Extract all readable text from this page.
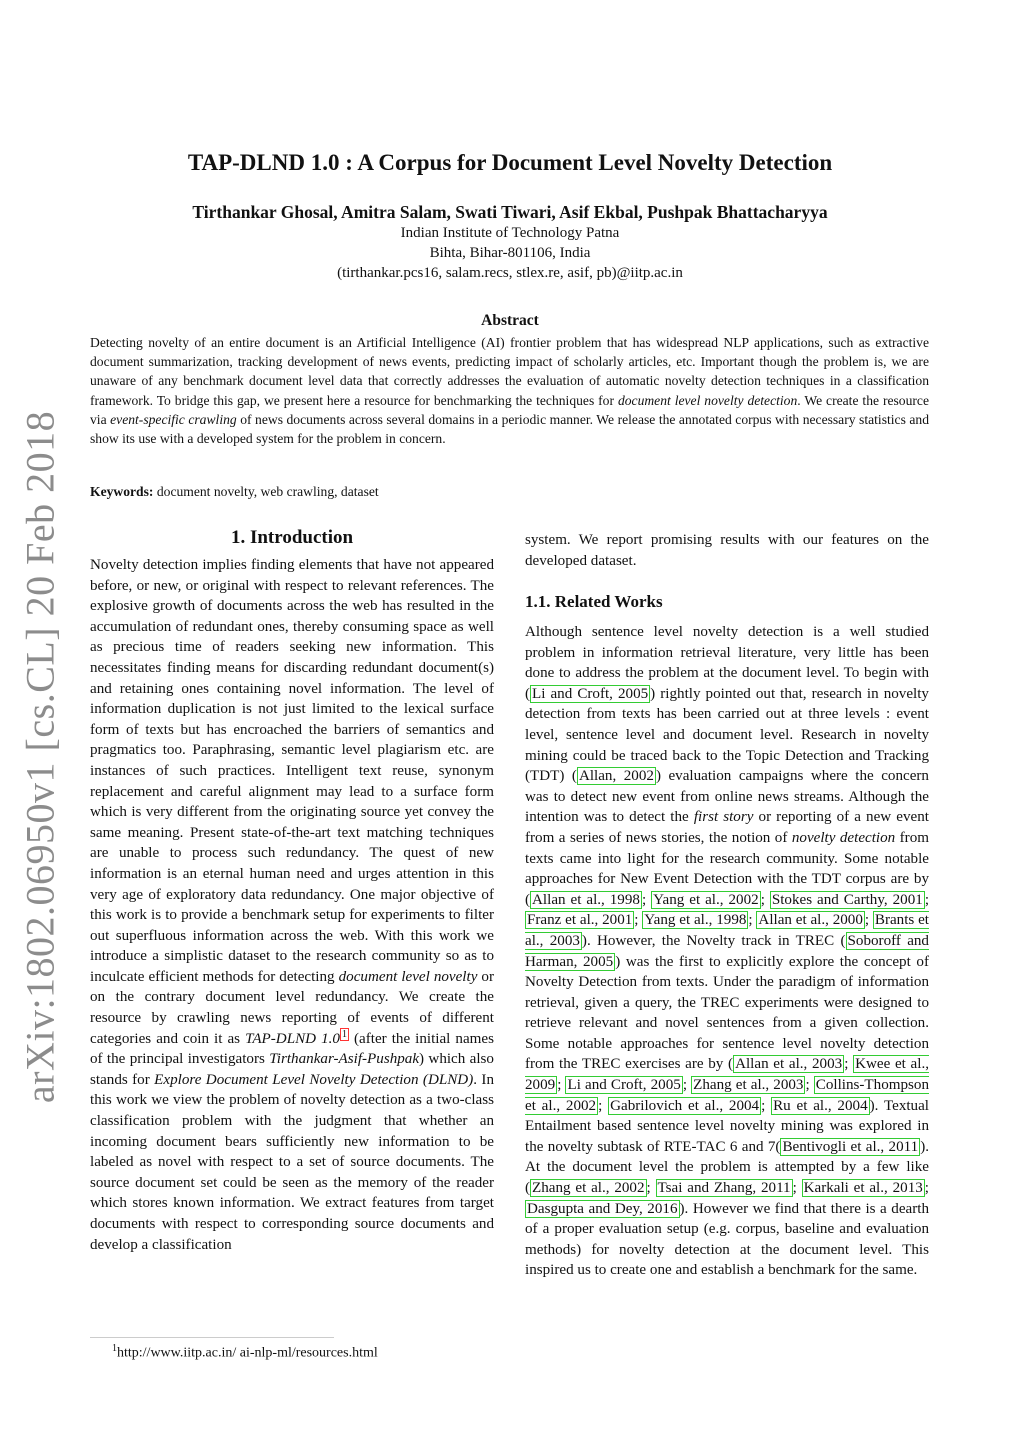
arXiv:1802.06950v1 [cs.CL] 20 Feb 2018
TAP-DLND 1.0 : A Corpus for Document Level Novelty Detection
Tirthankar Ghosal, Amitra Salam, Swati Tiwari, Asif Ekbal, Pushpak Bhattacharyya
Indian Institute of Technology Patna
Bihta, Bihar-801106, India
(tirthankar.pcs16, salam.recs, stlex.re, asif, pb)@iitp.ac.in
Abstract
Detecting novelty of an entire document is an Artificial Intelligence (AI) frontier problem that has widespread NLP applications, such as extractive document summarization, tracking development of news events, predicting impact of scholarly articles, etc. Important though the problem is, we are unaware of any benchmark document level data that correctly addresses the evaluation of automatic novelty detection techniques in a classification framework. To bridge this gap, we present here a resource for benchmarking the techniques for document level novelty detection. We create the resource via event-specific crawling of news documents across several domains in a periodic manner. We release the annotated corpus with necessary statistics and show its use with a developed system for the problem in concern.
Keywords: document novelty, web crawling, dataset
1. Introduction

Novelty detection implies finding elements that have not appeared before, or new, or original with respect to relevant references. The explosive growth of documents across the web has resulted in the accumulation of redundant ones, thereby consuming space as well as precious time of readers seeking new information. This necessitates finding means for discarding redundant document(s) and retaining ones containing novel information. The level of information duplication is not just limited to the lexical surface form of texts but has encroached the barriers of semantics and pragmatics too. Paraphrasing, semantic level plagiarism etc. are instances of such practices. Intelligent text reuse, synonym replacement and careful alignment may lead to a surface form which is very different from the originating source yet convey the same meaning. Present state-of-the-art text matching techniques are unable to process such redundancy. The quest of new information is an eternal human need and urges attention in this very age of exploratory data redundancy. One major objective of this work is to provide a benchmark setup for experiments to filter out superfluous information across the web. With this work we introduce a simplistic dataset to the research community so as to inculcate efficient methods for detecting document level novelty or on the contrary document level redundancy. We create the resource by crawling news reporting of events of different categories and coin it as TAP-DLND 1.0 $^1$ (after the initial names of the principal investigators Tirthankar-Asif-Pushpak) which also stands for Explore Document Level Novelty Detection (DLND). In this work we view the problem of novelty detection as a two-class classification problem with the judgment that whether an incoming document bears sufficiently new information to be labeled as novel with respect to a set of source documents. The source document set could be seen as the memory of the reader which stores known information. We extract features from target documents with respect to corresponding source documents and develop a classification

system. We report promising results with our features on the developed dataset.

1.1. Related Works

Although sentence level novelty detection is a well studied problem in information retrieval literature, very little has been done to address the problem at the document level. To begin with ( Li and Croft, 2005 ) rightly pointed out that, research in novelty detection from texts has been carried out at three levels : event level, sentence level and document level. Research in novelty mining could be traced back to the Topic Detection and Tracking (TDT) ( Allan, 2002 ) evaluation campaigns where the concern was to detect new event from online news streams. Although the intention was to detect the first story or reporting of a new event from a series of news stories, the notion of novelty detection from texts came into light for the research community. Some notable approaches for New Event Detection with the TDT corpus are by ( Allan et al., 1998 ; Yang et al., 2002 ; Stokes and Carthy, 2001 ; Franz et al., 2001 ; Yang et al., 1998 ; Allan et al., 2000 ; Brants et al., 2003 ). However, the Novelty track in TREC ( Soboroff and Harman, 2005 ) was the first to explicitly explore the concept of Novelty Detection from texts. Under the paradigm of information retrieval, given a query, the TREC experiments were designed to retrieve relevant and novel sentences from a given collection. Some notable approaches for sentence level novelty detection from the TREC exercises are by ( Allan et al., 2003 ; Kwee et al., 2009 ; Li and Croft, 2005 ; Zhang et al., 2003 ; Collins-Thompson et al., 2002 ; Gabrilovich et al., 2004 ; Ru et al., 2004 ). Textual Entailment based sentence level novelty mining was explored in the novelty subtask of RTE-TAC 6 and 7( Bentivogli et al., 2011 ). At the document level the problem is attempted by a few like ( Zhang et al., 2002 ; Tsai and Zhang, 2011 ; Karkali et al., 2013 ; Dasgupta and Dey, 2016 ). However we find that there is a dearth of a proper evaluation setup (e.g. corpus, baseline and evaluation methods) for novelty detection at the document level. This inspired us to create one and establish a benchmark for the same.

$^1$http://www.iitp.ac.in/ ai-nlp-ml/resources.html
